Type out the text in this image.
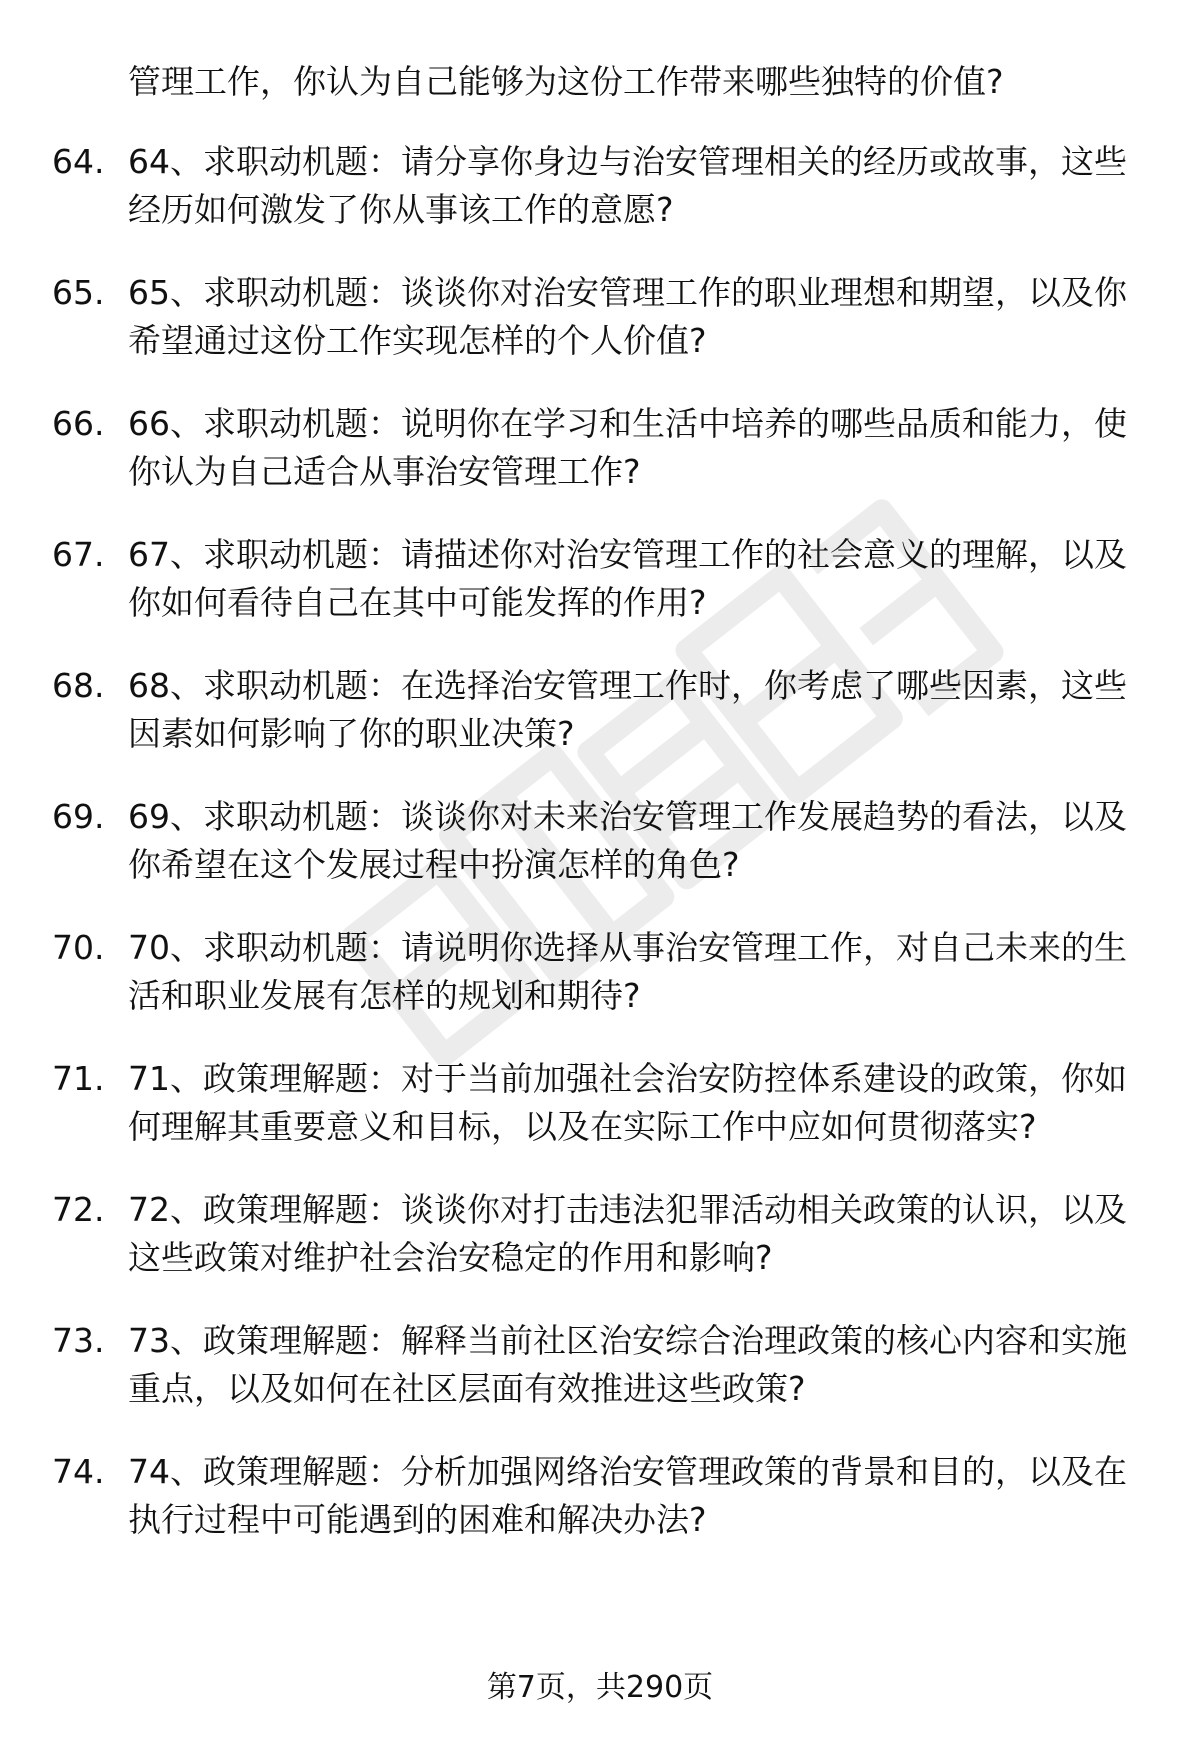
管理工作，你认为自己能够为这份工作带来哪些独特的价值?

64. 64、求职动机题：请分享你身边与治安管理相关的经历或故事，这些经历如何激发了你从事该工作的意愿?
65. 65、求职动机题：谈谈你对治安管理工作的职业理想和期望，以及你希望通过这份工作实现怎样的个人价值?
66. 66、求职动机题：说明你在学习和生活中培养的哪些品质和能力，使你认为自己适合从事治安管理工作?
67. 67、求职动机题：请描述你对治安管理工作的社会意义的理解，以及你如何看待自己在其中可能发挥的作用?
68. 68、求职动机题：在选择治安管理工作时，你考虑了哪些因素，这些因素如何影响了你的职业决策?
69. 69、求职动机题：谈谈你对未来治安管理工作发展趋势的看法，以及你希望在这个发展过程中扮演怎样的角色?
70. 70、求职动机题：请说明你选择从事治安管理工作，对自己未来的生活和职业发展有怎样的规划和期待?
71. 71、政策理解题：对于当前加强社会治安防控体系建设的政策，你如何理解其重要意义和目标，以及在实际工作中应如何贯彻落实?
72. 72、政策理解题：谈谈你对打击违法犯罪活动相关政策的认识，以及这些政策对维护社会治安稳定的作用和影响?
73. 73、政策理解题：解释当前社区治安综合治理政策的核心内容和实施重点，以及如何在社区层面有效推进这些政策?
74. 74、政策理解题：分析加强网络治安管理政策的背景和目的，以及在执行过程中可能遇到的困难和解决办法?
第7页，共290页
